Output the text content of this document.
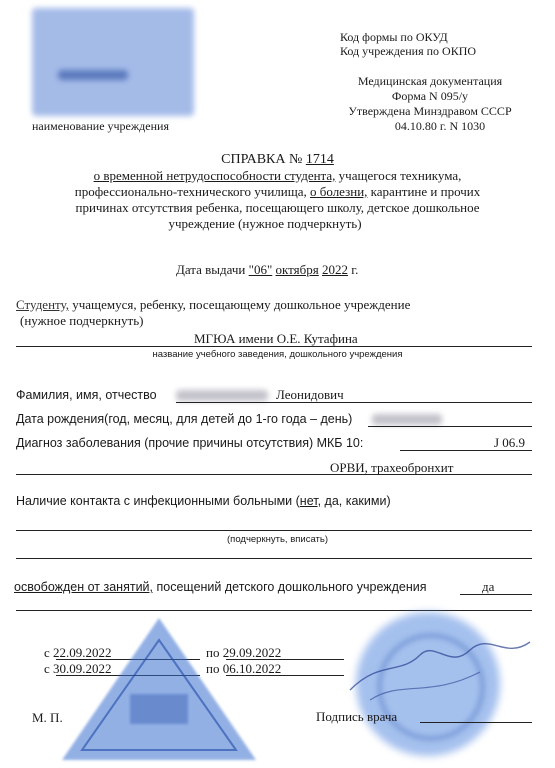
наименование учреждения
Код формы по ОКУД
Код учреждения по ОКПО
Медицинская документация
Форма N 095/у
Утверждена Минздравом СССР
04.10.80 г. N 1030
СПРАВКА № 1714
о временной нетрудоспособности студента, учащегося техникума,
профессионально-технического училища, о болезни, карантине и прочих
причинах отсутствия ребенка, посещающего школу, детское дошкольное
учреждение (нужное подчеркнуть)
Дата выдачи "06" октября 2022 г.
Студенту, учащемуся, ребенку, посещающему дошкольное учреждение
(нужное подчеркнуть)
МГЮА имени О.Е. Кутафина
название учебного заведения, дошкольного учреждения
Фамилия, имя, отчество	Леонидович
Дата рождения(год, месяц, для детей до 1-го года – день)
Диагноз заболевания (прочие причины отсутствия) МКБ 10:	J 06.9
ОРВИ, трахеобронхит
Наличие контакта с инфекционными больными (нет, да, какими)
(подчеркнуть, вписать)
освобожден от занятий, посещений детского дошкольного учреждения	да
с 22.09.2022	по 29.09.2022
с 30.09.2022	по 06.10.2022
М. П.	Подпись врача
